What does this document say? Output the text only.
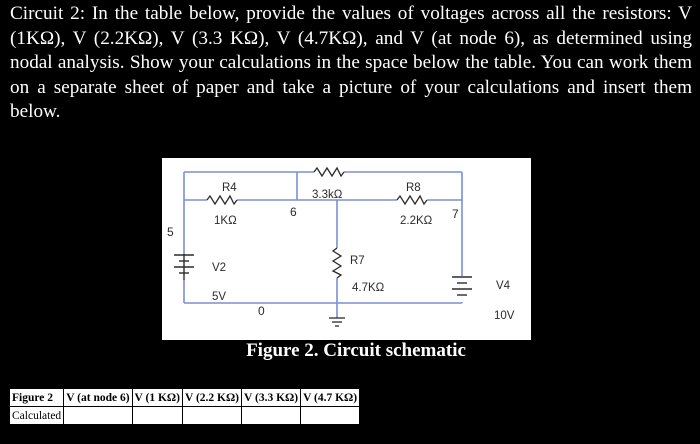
Circuit 2: In the table below, provide the values of voltages across all the resistors: V (1KΩ), V (2.2KΩ), V (3.3 KΩ), V (4.7KΩ), and V (at node 6), as determined using nodal analysis. Show your calculations in the space below the table. You can work them on a separate sheet of paper and take a picture of your calculations and insert them below.
R4
1KΩ
3.3kΩ
R8
2.2KΩ
R7
4.7KΩ
V2
5V
V4
10V
5
6	7
0
Figure 2. Circuit schematic
Figure 2	V (at node 6)	V (1 KΩ)	V (2.2 KΩ)	V (3.3 KΩ)	V (4.7 KΩ)
Calculated					
